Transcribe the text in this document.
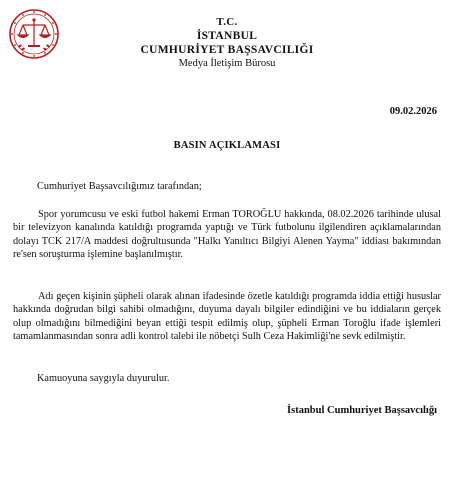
T.C.
İSTANBUL
CUMHURİYET BAŞSAVCILIĞI
Medya İletişim Bürosu
09.02.2026
BASIN AÇIKLAMASI
Cumhuriyet Başsavcılığımız tarafından;

Spor yorumcusu ve eski futbol hakemi Erman TOROĞLU hakkında, 08.02.2026 tarihinde ulusal bir televizyon kanalında katıldığı programda yaptığı ve Türk futbolunu ilgilendiren açıklamalarından dolayı TCK 217/A maddesi doğrultusunda "Halkı Yanıltıcı Bilgiyi Alenen Yayma" iddiası bakımından re'sen soruşturma işlemine başlanılmıştır.

Adı geçen kişinin şüpheli olarak alınan ifadesinde özetle katıldığı programda iddia ettiği hususlar hakkında doğrudan bilgi sahibi olmadığını, duyuma dayalı bilgiler edindiğini ve bu iddiaların gerçek olup olmadığını bilmediğini beyan ettiği tespit edilmiş olup, şüpheli Erman Toroğlu ifade işlemleri tamamlanmasından sonra adli kontrol talebi ile nöbetçi Sulh Ceza Hakimliği'ne sevk edilmiştir.

Kamuoyuna saygıyla duyurulur.
İstanbul Cumhuriyet Başsavcılığı
